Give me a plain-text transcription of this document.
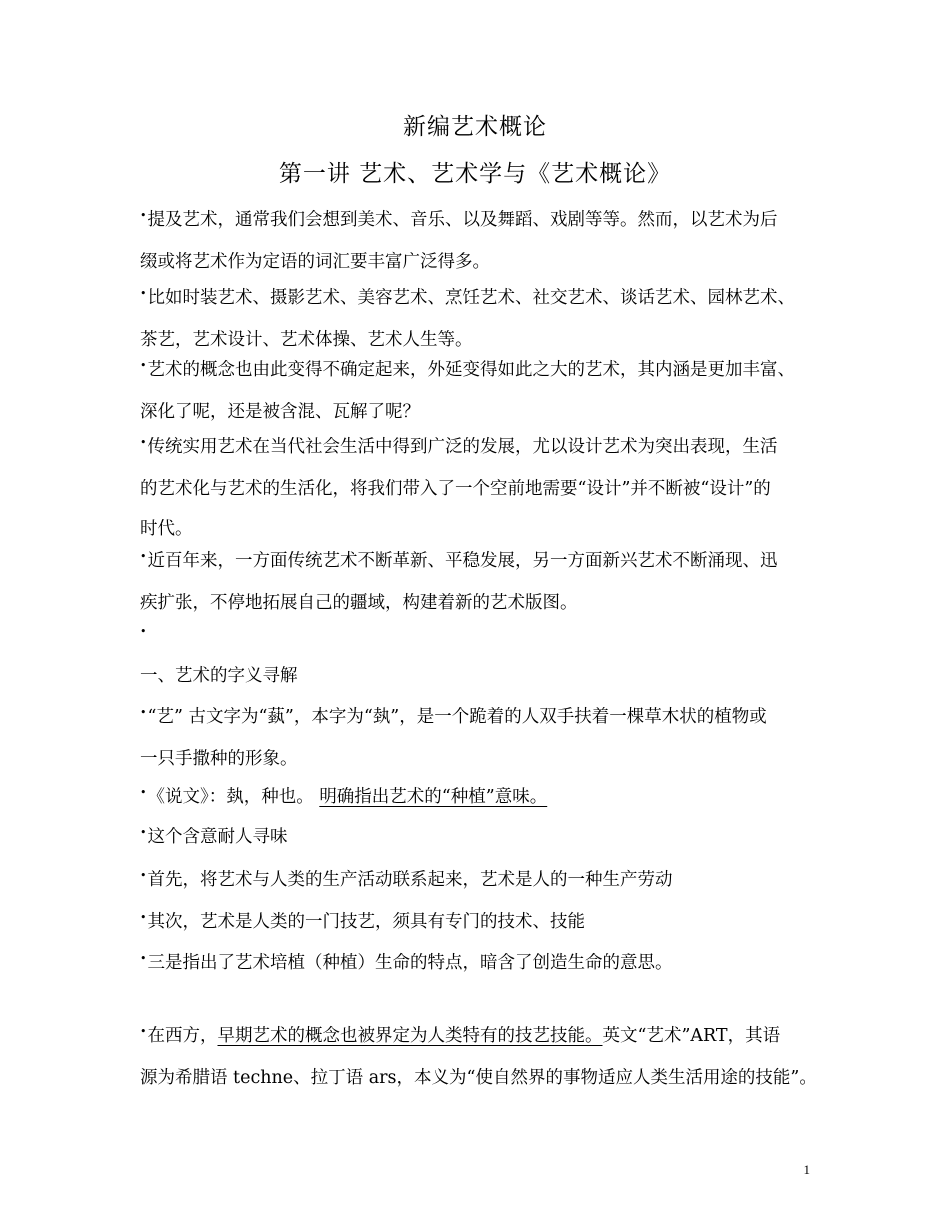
新编艺术概论
第一讲 艺术、艺术学与《艺术概论》
•提及艺术，通常我们会想到美术、音乐、以及舞蹈、戏剧等等。然而，以艺术为后
缀或将艺术作为定语的词汇要丰富广泛得多。
•比如时装艺术、摄影艺术、美容艺术、烹饪艺术、社交艺术、谈话艺术、园林艺术、
茶艺，艺术设计、艺术体操、艺术人生等。
•艺术的概念也由此变得不确定起来，外延变得如此之大的艺术，其内涵是更加丰富、
深化了呢，还是被含混、瓦解了呢？
•传统实用艺术在当代社会生活中得到广泛的发展，尤以设计艺术为突出表现，生活
的艺术化与艺术的生活化，将我们带入了一个空前地需要“设计”并不断被“设计”的
时代。
•近百年来，一方面传统艺术不断革新、平稳发展，另一方面新兴艺术不断涌现、迅
疾扩张，不停地拓展自己的疆域，构建着新的艺术版图。
•
一、艺术的字义寻解
•“艺” 古文字为“蓺”，本字为“埶”，是一个跪着的人双手扶着一棵草木状的植物或
一只手撒种的形象。
•《说文》：埶，种也。 明确指出艺术的“种植”意味。
•这个含意耐人寻味
•首先，将艺术与人类的生产活动联系起来，艺术是人的一种生产劳动
•其次，艺术是人类的一门技艺，须具有专门的技术、技能
•三是指出了艺术培植（种植）生命的特点，暗含了创造生命的意思。
•在西方，早期艺术的概念也被界定为人类特有的技艺技能。英文“艺术”ART，其语
源为希腊语 techne、拉丁语 ars，本义为“使自然界的事物适应人类生活用途的技能”。
1
